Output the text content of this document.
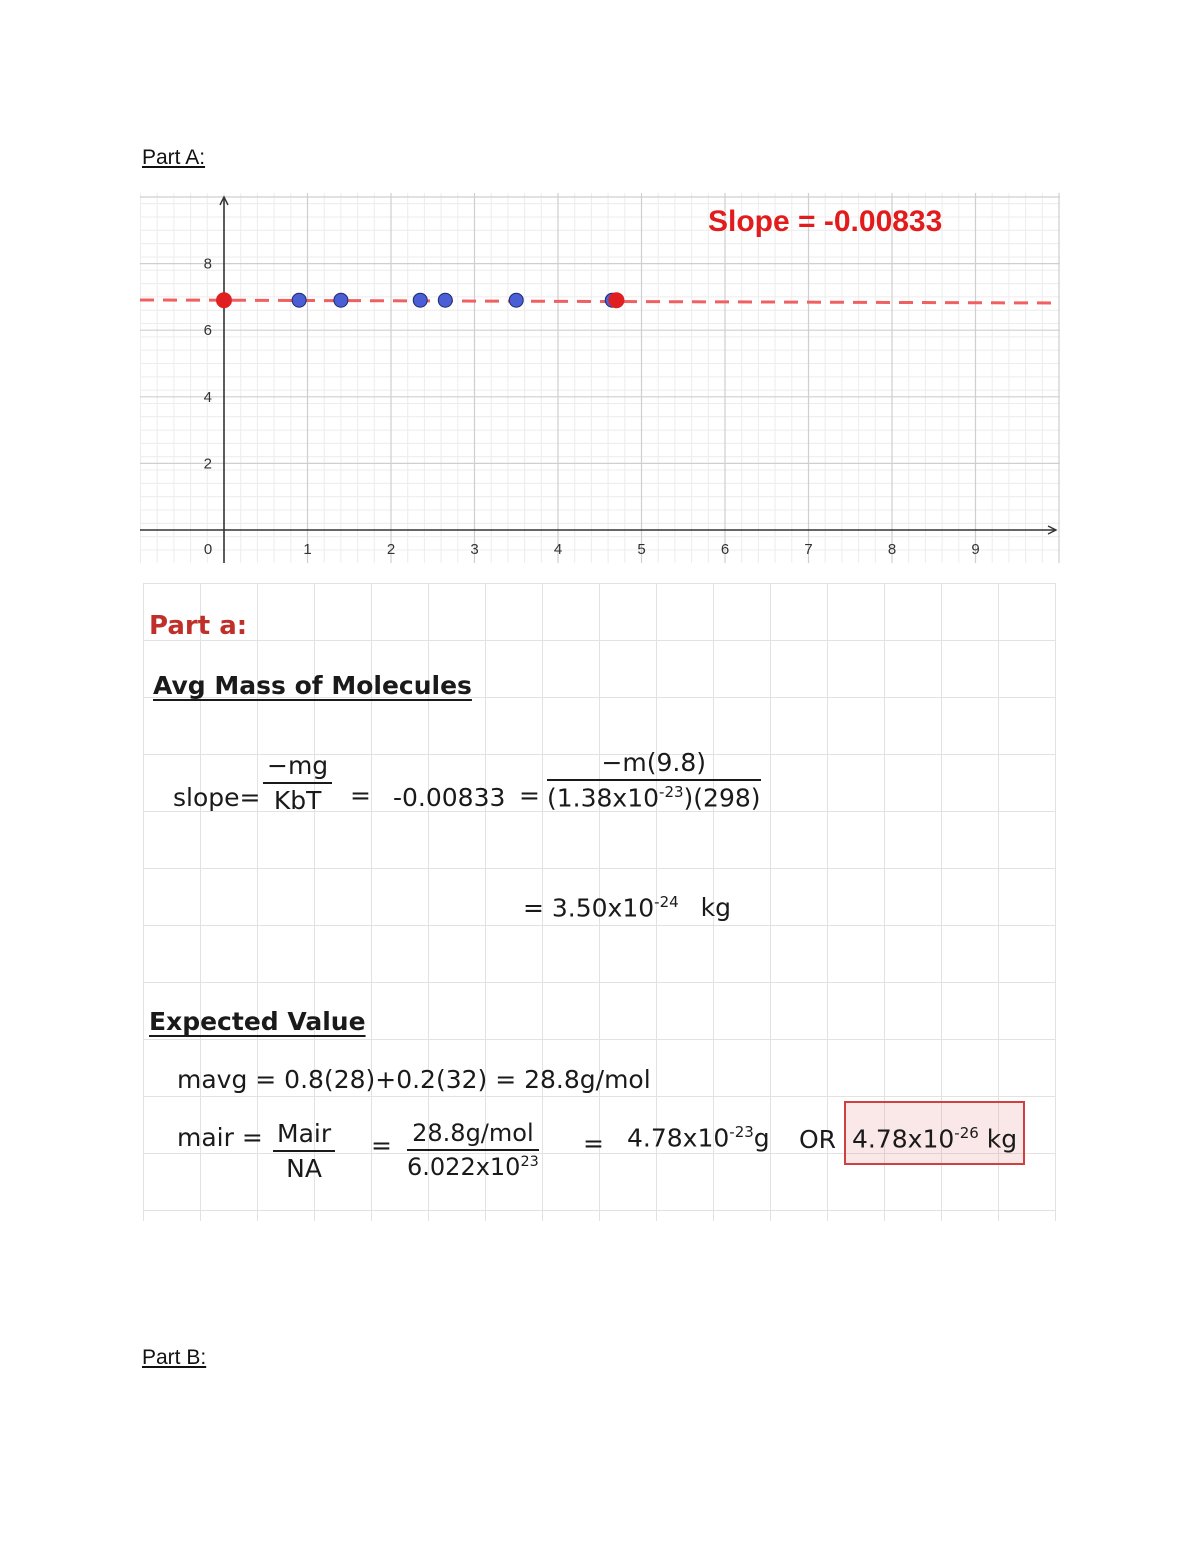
Part A:
0	1	2	3	4	5	6	7	8	9
2
4
6
8
Slope = -0.00833
Part a:
Avg Mass of Molecules
slope=
−mg
KbT	= $-0.00833 = \frac{-m(9.8)}{(1.38x10^{-23})(298)}$
= $3.50x10^{-24}$ kg
Expected Value
mavg = 0.8(28)+0.2(32) = 28.8g/mol
mair = Mair
NA
= 28.8g/mol
$6.022x10^{23}$
= $4.78x10^{-23}g$ OR $4.78x10^{-26}$ kg
Part B:
